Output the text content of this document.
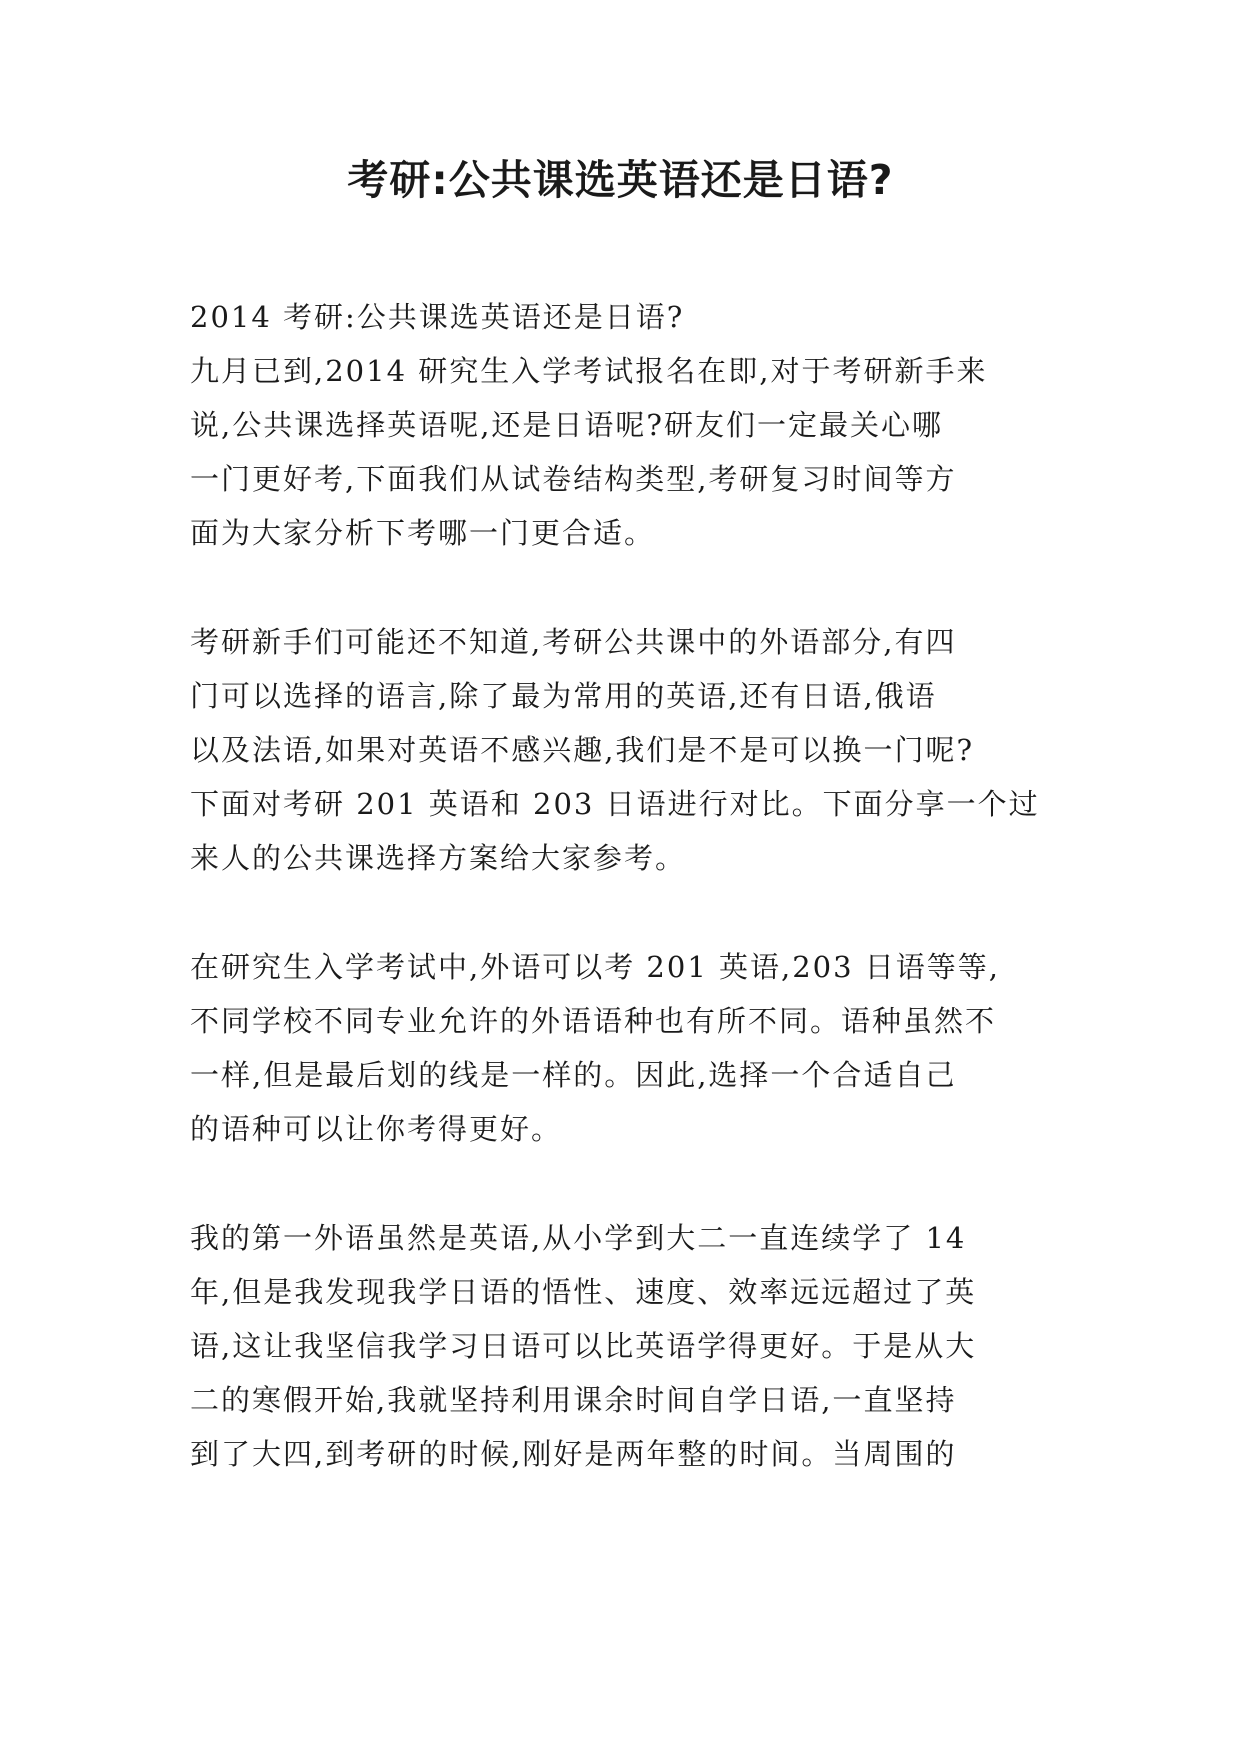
考研:公共课选英语还是日语?
2014 考研:公共课选英语还是日语?
九月已到,2014 研究生入学考试报名在即,对于考研新手来
说,公共课选择英语呢,还是日语呢?研友们一定最关心哪
一门更好考,下面我们从试卷结构类型,考研复习时间等方
面为大家分析下考哪一门更合适。
考研新手们可能还不知道,考研公共课中的外语部分,有四
门可以选择的语言,除了最为常用的英语,还有日语,俄语
以及法语,如果对英语不感兴趣,我们是不是可以换一门呢?
下面对考研 201 英语和 203 日语进行对比。下面分享一个过
来人的公共课选择方案给大家参考。
在研究生入学考试中,外语可以考 201 英语,203 日语等等,
不同学校不同专业允许的外语语种也有所不同。语种虽然不
一样,但是最后划的线是一样的。因此,选择一个合适自己
的语种可以让你考得更好。
我的第一外语虽然是英语,从小学到大二一直连续学了 14
年,但是我发现我学日语的悟性、速度、效率远远超过了英
语,这让我坚信我学习日语可以比英语学得更好。于是从大
二的寒假开始,我就坚持利用课余时间自学日语,一直坚持
到了大四,到考研的时候,刚好是两年整的时间。当周围的
